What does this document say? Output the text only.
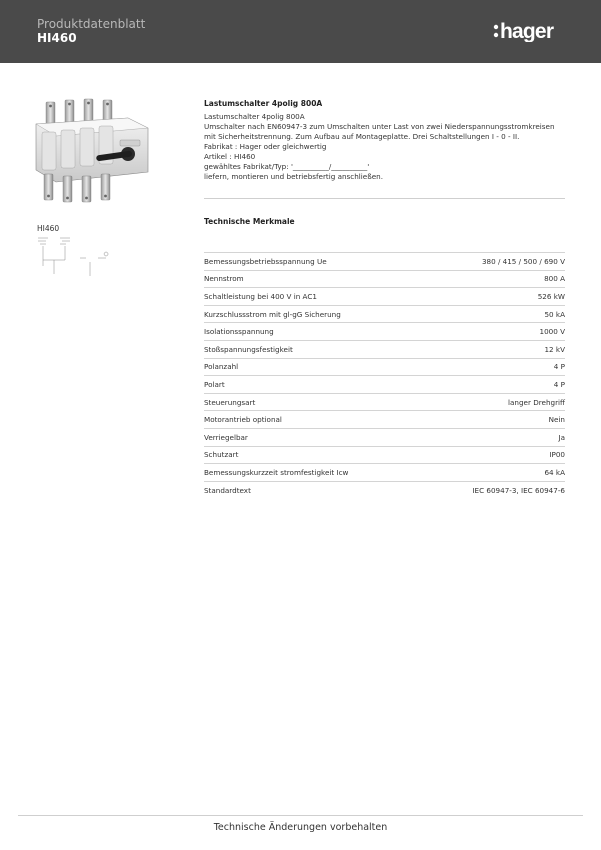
Produktdatenblatt
HI460	hager
HI460
Lastumschalter 4polig 800A
Lastumschalter 4polig 800A
Umschalter nach EN60947-3 zum Umschalten unter Last von zwei Niederspannungsstromkreisen
mit Sicherheitstrennung. Zum Aufbau auf Montageplatte. Drei Schaltstellungen I - 0 - II.
Fabrikat : Hager oder gleichwertig
Artikel : HI460
gewähltes Fabrikat/Typ: '__________/__________'
liefern, montieren und betriebsfertig anschließen.
Technische Merkmale
Bemessungsbetriebsspannung Ue	380 / 415 / 500 / 690 V
Nennstrom	800 A
Schaltleistung bei 400 V in AC1	526 kW
Kurzschlussstrom mit gl-gG Sicherung	50 kA
Isolationsspannung	1000 V
Stoßspannungsfestigkeit	12 kV
Polanzahl	4 P
Polart	4 P
Steuerungsart	langer Drehgriff
Motorantrieb optional	Nein
Verriegelbar	Ja
Schutzart	IP00
Bemessungskurzzeit stromfestigkeit Icw	64 kA
Standardtext	IEC 60947-3, IEC 60947-6
Technische Änderungen vorbehalten
